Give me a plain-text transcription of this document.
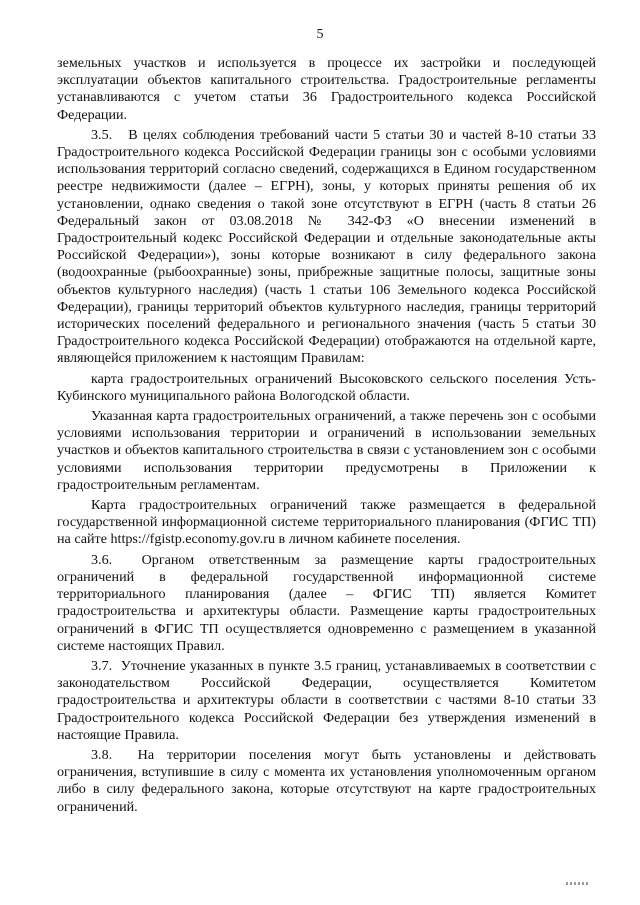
5

земельных участков и используется в процессе их застройки и последующей эксплуатации объектов капитального строительства. Градостроительные регламенты устанавливаются с учетом статьи 36 Градостроительного кодекса Российской Федерации.

3.5.   В целях соблюдения требований части 5 статьи 30 и частей 8-10 статьи 33 Градостроительного кодекса Российской Федерации границы зон с особыми условиями использования территорий согласно сведений, содержащихся в Едином государственном реестре недвижимости (далее – ЕГРН), зоны, у которых приняты решения об их установлении, однако сведения о такой зоне отсутствуют в ЕГРН (часть 8 статьи 26 Федеральный закон от 03.08.2018 № 342-ФЗ «О внесении изменений в Градостроительный кодекс Российской Федерации и отдельные законодательные акты Российской Федерации»), зоны которые возникают в силу федерального закона (водоохранные (рыбоохранные) зоны, прибрежные защитные полосы, защитные зоны объектов культурного наследия) (часть 1 статьи 106 Земельного кодекса Российской Федерации), границы территорий объектов культурного наследия, границы территорий исторических поселений федерального и регионального значения (часть 5 статьи 30 Градостроительного кодекса Российской Федерации) отображаются на отдельной карте, являющейся приложением к настоящим Правилам:

карта градостроительных ограничений Высоковского сельского поселения Усть-Кубинского муниципального района Вологодской области.

Указанная карта градостроительных ограничений, а также перечень зон с особыми условиями использования территории и ограничений в использовании земельных участков и объектов капитального строительства в связи с установлением зон с особыми условиями использования территории предусмотрены в Приложении к градостроительным регламентам.

Карта градостроительных ограничений также размещается в федеральной государственной информационной системе территориального планирования (ФГИС ТП) на сайте https://fgistp.economy.gov.ru в личном кабинете поселения.

3.6.  Органом ответственным за размещение карты градостроительных ограничений в федеральной государственной информационной системе территориального планирования (далее – ФГИС ТП) является Комитет градостроительства и архитектуры области. Размещение карты градостроительных ограничений в ФГИС ТП осуществляется одновременно с размещением в указанной системе настоящих Правил.

3.7.  Уточнение указанных в пункте 3.5 границ, устанавливаемых в соответствии с законодательством Российской Федерации, осуществляется Комитетом градостроительства и архитектуры области в соответствии с частями 8-10 статьи 33 Градостроительного кодекса Российской Федерации без утверждения изменений в настоящие Правила.

3.8.  На территории поселения могут быть установлены и действовать ограничения, вступившие в силу с момента их установления уполномоченным органом либо в силу федерального закона, которые отсутствуют на карте градостроительных ограничений.
